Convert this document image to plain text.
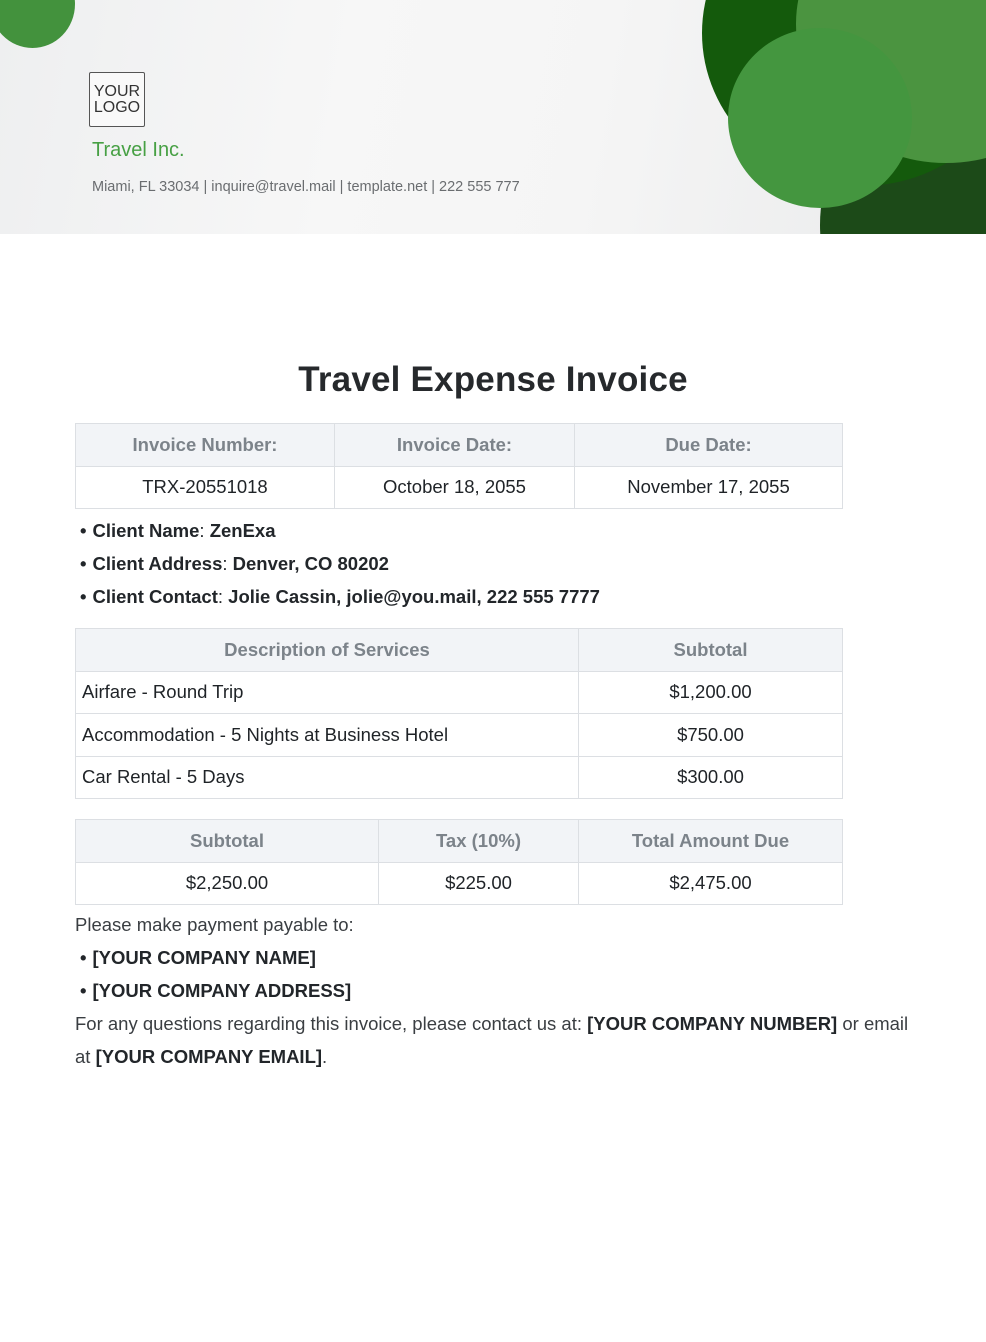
YOUR
LOGO
Travel Inc.
Miami, FL 33034 | inquire@travel.mail | template.net | 222 555 777
Travel Expense Invoice
Invoice Number:	Invoice Date:	Due Date:
TRX-20551018	October 18, 2055	November 17, 2055
• Client Name: ZenExa
• Client Address: Denver, CO 80202
• Client Contact: Jolie Cassin, jolie@you.mail, 222 555 7777
Description of Services	Subtotal
Airfare - Round Trip	$1,200.00
Accommodation - 5 Nights at Business Hotel	$750.00
Car Rental - 5 Days	$300.00
Subtotal	Tax (10%)	Total Amount Due
$2,250.00	$225.00	$2,475.00

Please make payment payable to:

• [YOUR COMPANY NAME]
• [YOUR COMPANY ADDRESS]

For any questions regarding this invoice, please contact us at: [YOUR COMPANY NUMBER] or email at [YOUR COMPANY EMAIL].
